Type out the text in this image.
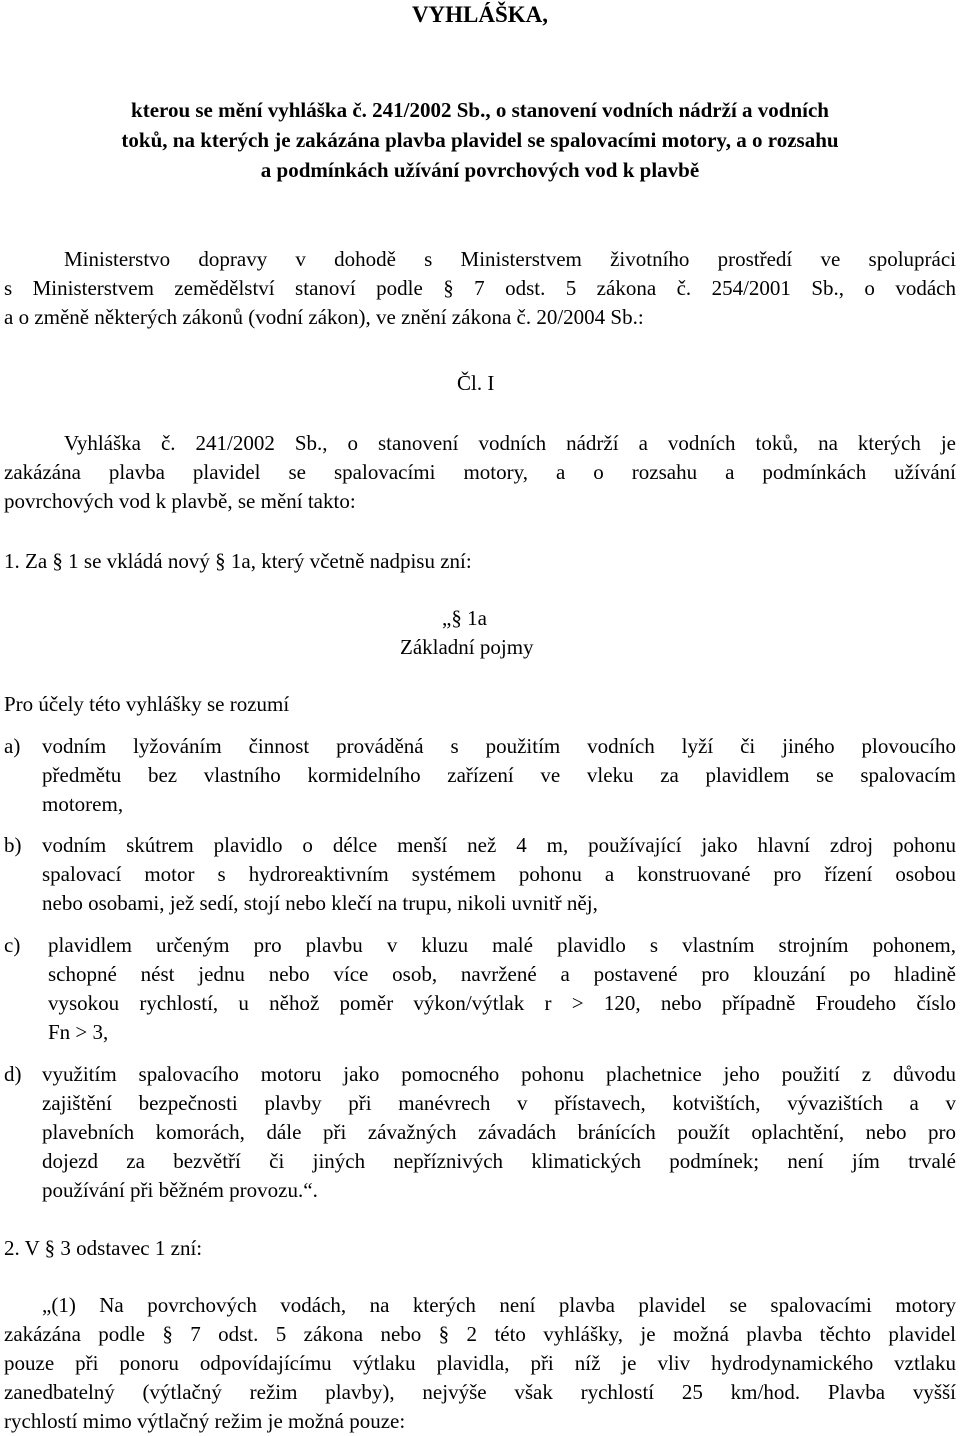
VYHLÁŠKA,
kterou se mění vyhláška č. 241/2002 Sb., o stanovení vodních nádrží a vodních
toků, na kterých je zakázána plavba plavidel se spalovacími motory, a o rozsahu
a podmínkách užívání povrchových vod k plavbě
Ministerstvo dopravy v dohodě s Ministerstvem životního prostředí ve spolupráci
s Ministerstvem zemědělství stanoví podle § 7 odst. 5 zákona č. 254/2001 Sb., o vodách
a o změně některých zákonů (vodní zákon), ve znění zákona č. 20/2004 Sb.:
Čl. I
Vyhláška č. 241/2002 Sb., o stanovení vodních nádrží a vodních toků, na kterých je
zakázána plavba plavidel se spalovacími motory, a o rozsahu a podmínkách užívání
povrchových vod k plavbě, se mění takto:
1. Za § 1 se vkládá nový § 1a, který včetně nadpisu zní:
„§ 1a
Základní pojmy
Pro účely této vyhlášky se rozumí
a) vodním lyžováním činnost prováděná s použitím vodních lyží či jiného plovoucího
předmětu bez vlastního kormidelního zařízení ve vleku za plavidlem se spalovacím
motorem,
b) vodním skútrem plavidlo o délce menší než 4 m, používající jako hlavní zdroj pohonu
spalovací motor s hydroreaktivním systémem pohonu a konstruované pro řízení osobou
nebo osobami, jež sedí, stojí nebo klečí na trupu, nikoli uvnitř něj,
c) plavidlem určeným pro plavbu v kluzu malé plavidlo s vlastním strojním pohonem,
schopné nést jednu nebo více osob, navržené a postavené pro klouzání po hladině
vysokou rychlostí, u něhož poměr výkon/výtlak r > 120, nebo případně Froudeho číslo
Fn > 3,
d) využitím spalovacího motoru jako pomocného pohonu plachetnice jeho použití z důvodu
zajištění bezpečnosti plavby při manévrech v přístavech, kotvištích, vývazištích a v
plavebních komorách, dále při závažných závadách bránících použít oplachtění, nebo pro
dojezd za bezvětří či jiných nepříznivých klimatických podmínek; není jím trvalé
používání při běžném provozu.“.
2. V § 3 odstavec 1 zní:
„(1) Na povrchových vodách, na kterých není plavba plavidel se spalovacími motory
zakázána podle § 7 odst. 5 zákona nebo § 2 této vyhlášky, je možná plavba těchto plavidel
pouze při ponoru odpovídajícímu výtlaku plavidla, při níž je vliv hydrodynamického vztlaku
zanedbatelný (výtlačný režim plavby), nejvýše však rychlostí 25 km/hod. Plavba vyšší
rychlostí mimo výtlačný režim je možná pouze:
